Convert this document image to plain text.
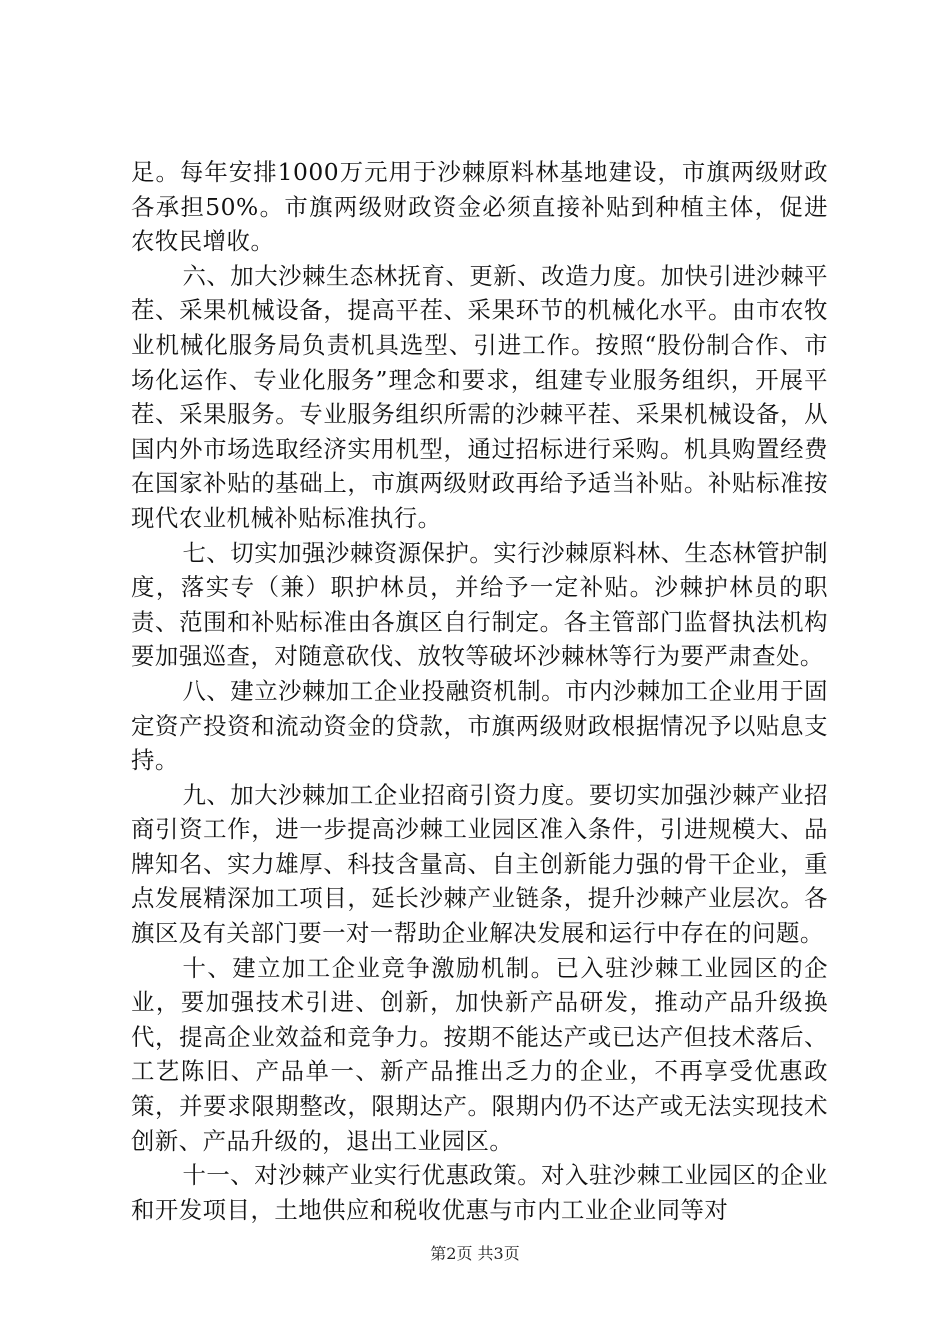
足。每年安排1000万元用于沙棘原料林基地建设，市旗两级财政各承担50%。市旗两级财政资金必须直接补贴到种植主体，促进农牧民增收。

六、加大沙棘生态林抚育、更新、改造力度。加快引进沙棘平茬、采果机械设备，提高平茬、采果环节的机械化水平。由市农牧业机械化服务局负责机具选型、引进工作。按照“股份制合作、市场化运作、专业化服务”理念和要求，组建专业服务组织，开展平茬、采果服务。专业服务组织所需的沙棘平茬、采果机械设备，从国内外市场选取经济实用机型，通过招标进行采购。机具购置经费在国家补贴的基础上，市旗两级财政再给予适当补贴。补贴标准按现代农业机械补贴标准执行。

七、切实加强沙棘资源保护。实行沙棘原料林、生态林管护制度，落实专（兼）职护林员，并给予一定补贴。沙棘护林员的职责、范围和补贴标准由各旗区自行制定。各主管部门监督执法机构要加强巡查，对随意砍伐、放牧等破坏沙棘林等行为要严肃查处。

八、建立沙棘加工企业投融资机制。市内沙棘加工企业用于固定资产投资和流动资金的贷款，市旗两级财政根据情况予以贴息支持。

九、加大沙棘加工企业招商引资力度。要切实加强沙棘产业招商引资工作，进一步提高沙棘工业园区准入条件，引进规模大、品牌知名、实力雄厚、科技含量高、自主创新能力强的骨干企业，重点发展精深加工项目，延长沙棘产业链条，提升沙棘产业层次。各旗区及有关部门要一对一帮助企业解决发展和运行中存在的问题。

十、建立加工企业竞争激励机制。已入驻沙棘工业园区的企业，要加强技术引进、创新，加快新产品研发，推动产品升级换代，提高企业效益和竞争力。按期不能达产或已达产但技术落后、工艺陈旧、产品单一、新产品推出乏力的企业，不再享受优惠政策，并要求限期整改，限期达产。限期内仍不达产或无法实现技术创新、产品升级的，退出工业园区。

十一、对沙棘产业实行优惠政策。对入驻沙棘工业园区的企业和开发项目，土地供应和税收优惠与市内工业企业同等对

第2页 共3页
